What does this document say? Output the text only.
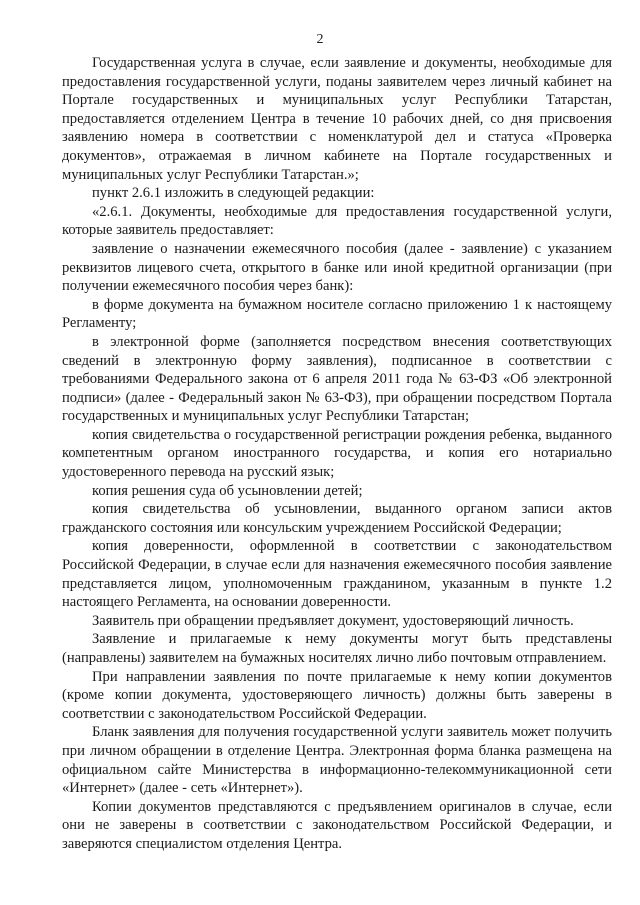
2

Государственная услуга в случае, если заявление и документы, необходимые для предоставления государственной услуги, поданы заявителем через личный кабинет на Портале государственных и муниципальных услуг Республики Татарстан, предоставляется отделением Центра в течение 10 рабочих дней, со дня присвоения заявлению номера в соответствии с номенклатурой дел и статуса «Проверка документов», отражаемая в личном кабинете на Портале государственных и муниципальных услуг Республики Татарстан.»;

пункт 2.6.1 изложить в следующей редакции:

«2.6.1. Документы, необходимые для предоставления государственной услуги, которые заявитель предоставляет:

заявление о назначении ежемесячного пособия (далее - заявление) с указанием реквизитов лицевого счета, открытого в банке или иной кредитной организации (при получении ежемесячного пособия через банк):

в форме документа на бумажном носителе согласно приложению 1 к настоящему Регламенту;

в электронной форме (заполняется посредством внесения соответствующих сведений в электронную форму заявления), подписанное в соответствии с требованиями Федерального закона от 6 апреля 2011 года № 63-ФЗ «Об электронной подписи» (далее - Федеральный закон № 63-ФЗ), при обращении посредством Портала государственных и муниципальных услуг Республики Татарстан;

копия свидетельства о государственной регистрации рождения ребенка, выданного компетентным органом иностранного государства, и копия его нотариально удостоверенного перевода на русский язык;

копия решения суда об усыновлении детей;

копия свидетельства об усыновлении, выданного органом записи актов гражданского состояния или консульским учреждением Российской Федерации;

копия доверенности, оформленной в соответствии с законодательством Российской Федерации, в случае если для назначения ежемесячного пособия заявление представляется лицом, уполномоченным гражданином, указанным в пункте 1.2 настоящего Регламента, на основании доверенности.

Заявитель при обращении предъявляет документ, удостоверяющий личность.

Заявление и прилагаемые к нему документы могут быть представлены (направлены) заявителем на бумажных носителях лично либо почтовым отправлением.

При направлении заявления по почте прилагаемые к нему копии документов (кроме копии документа, удостоверяющего личность) должны быть заверены в соответствии с законодательством Российской Федерации.

Бланк заявления для получения государственной услуги заявитель может получить при личном обращении в отделение Центра. Электронная форма бланка размещена на официальном сайте Министерства в информационно-телекоммуникационной сети «Интернет» (далее - сеть «Интернет»).

Копии документов представляются с предъявлением оригиналов в случае, если они не заверены в соответствии с законодательством Российской Федерации, и заверяются специалистом отделения Центра.
